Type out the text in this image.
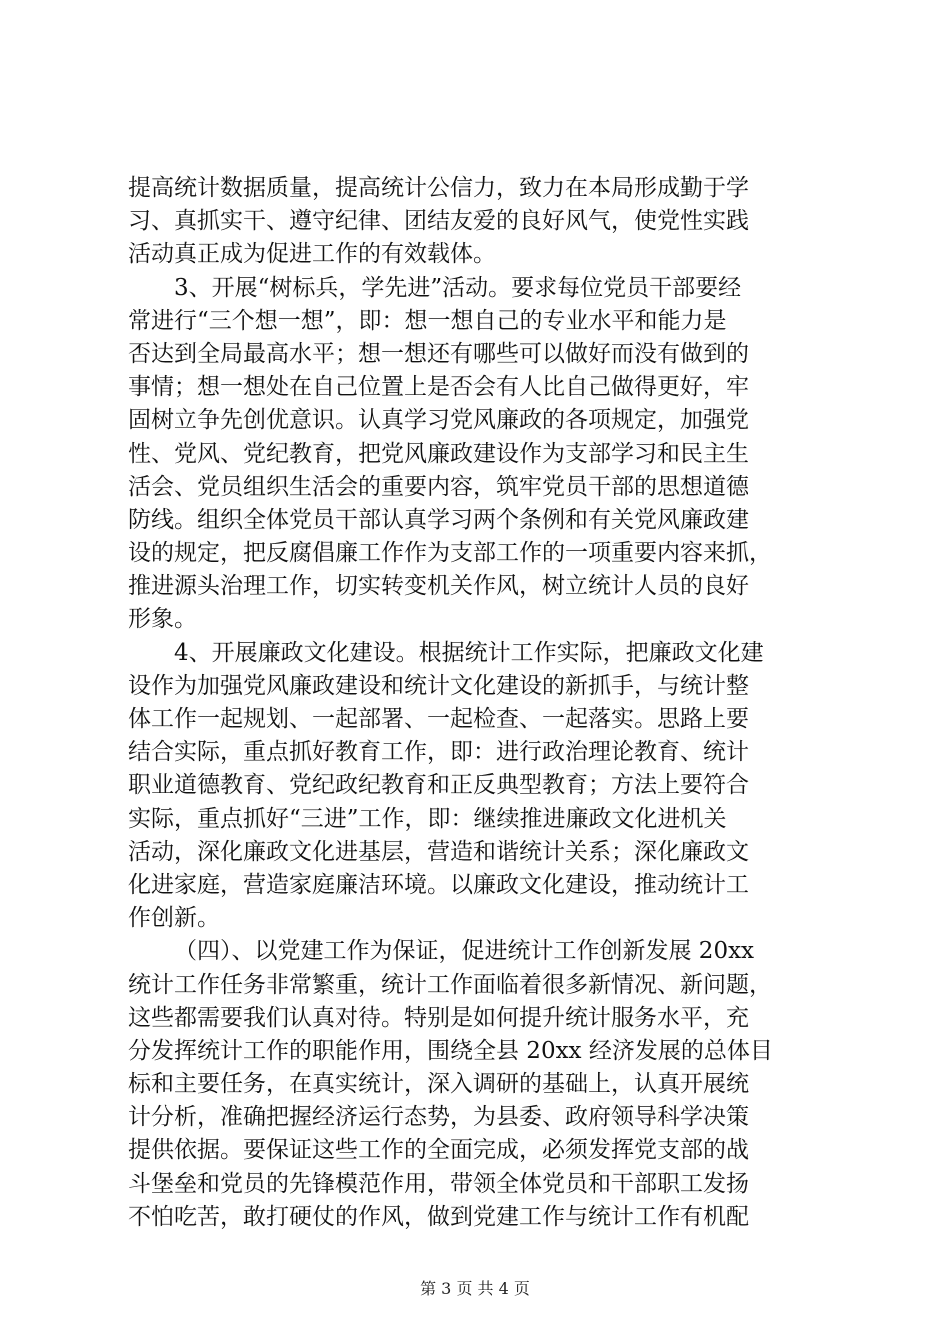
提高统计数据质量，提高统计公信力，致力在本局形成勤于学
习、真抓实干、遵守纪律、团结友爱的良好风气，使党性实践
活动真正成为促进工作的有效载体。
3、开展“树标兵，学先进”活动。要求每位党员干部要经
常进行“三个想一想”，即：想一想自己的专业水平和能力是
否达到全局最高水平；想一想还有哪些可以做好而没有做到的
事情；想一想处在自己位置上是否会有人比自己做得更好，牢
固树立争先创优意识。认真学习党风廉政的各项规定，加强党
性、党风、党纪教育，把党风廉政建设作为支部学习和民主生
活会、党员组织生活会的重要内容，筑牢党员干部的思想道德
防线。组织全体党员干部认真学习两个条例和有关党风廉政建
设的规定，把反腐倡廉工作作为支部工作的一项重要内容来抓，
推进源头治理工作，切实转变机关作风，树立统计人员的良好
形象。
4、开展廉政文化建设。根据统计工作实际，把廉政文化建
设作为加强党风廉政建设和统计文化建设的新抓手，与统计整
体工作一起规划、一起部署、一起检查、一起落实。思路上要
结合实际，重点抓好教育工作，即：进行政治理论教育、统计
职业道德教育、党纪政纪教育和正反典型教育；方法上要符合
实际，重点抓好“三进”工作，即：继续推进廉政文化进机关
活动，深化廉政文化进基层，营造和谐统计关系；深化廉政文
化进家庭，营造家庭廉洁环境。以廉政文化建设，推动统计工
作创新。
（四）、以党建工作为保证，促进统计工作创新发展 20xx
统计工作任务非常繁重，统计工作面临着很多新情况、新问题，
这些都需要我们认真对待。特别是如何提升统计服务水平，充
分发挥统计工作的职能作用，围绕全县 20xx 经济发展的总体目
标和主要任务，在真实统计，深入调研的基础上，认真开展统
计分析，准确把握经济运行态势，为县委、政府领导科学决策
提供依据。要保证这些工作的全面完成，必须发挥党支部的战
斗堡垒和党员的先锋模范作用，带领全体党员和干部职工发扬
不怕吃苦，敢打硬仗的作风，做到党建工作与统计工作有机配
第 3 页 共 4 页
